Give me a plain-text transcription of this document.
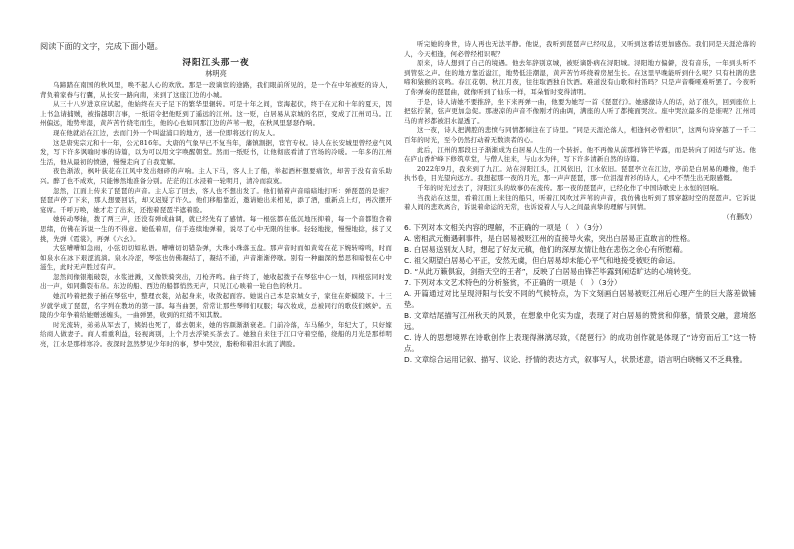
阅读下面的文字，完成下面小题。
浔阳江头那一夜
林明亮

乌蹄踏在南国的秋风里，唤不起人心的欢欣。那是一段谪宦的途路，我们眼前所见的，是一个在中年被贬的诗人，背负着家眷与行囊，从长安一路向南，来到了这座江边的小城。

从三十八岁进京应试起，他始终在天子足下的繁华里辗转。可是十年之间，宦海起伏，终于在元和十年的夏天，因上书急请捕贼，被指越职言事，一纸诏令把他贬到了遥远的江州。这一贬，白居易从京城的名臣，变成了江州司马。江州偏远，地势卑湿，黄芦苦竹绕宅而生，他的心也如同那江边的芦苇一般，在秋风里瑟瑟作响。

现在他就站在江边，去而门外一个叫湓浦口的地方，送一位即将远行的友人。

这是唐宪宗元和十一年，公元816年。大唐的气象早已不复当年，藩镇割据，宦官专权。诗人在长安城里曾经意气风发，写下许多讽喻时事的诗篇，以为可以用文字唤醒朝堂。然而一纸贬书，让他彻底看清了官场的冷暖。一年多的江州生活，他从最初的愤懑，慢慢走向了自我宽解。

夜色渐浓，枫叶荻花在江风中发出细碎的声响。主人下马，客人上了船，举起酒杯想要痛饮，却苦于没有音乐助兴。醉了也不成欢，只能惨然地准备分别。茫茫的江水浸着一轮明月，清冷而寂寞。

忽然，江面上传来了琵琶的声音。主人忘了回去，客人也不想出发了。他们循着声音暗暗地打听：弹琵琶的是谁？琵琶声停了下来，那人想要回话，却又迟疑了许久。他们移船靠近，邀请她出来相见，添了酒，重新点上灯，再次摆开宴席。千呼万唤，她才走了出来，还抱着琵琶半遮着脸。

她转动琴轴，拨了两三声，还没有弹成曲调，就已经先有了感情。每一根弦都在低沉地压抑着，每一个音都饱含着思绪，仿佛在诉说一生的不得意。她低着眉，信手连续地弹着，说尽了心中无限的往事。轻轻地拢，慢慢地捻，抹了又挑，先弹《霓裳》，再弹《六幺》。

大弦嘈嘈如急雨，小弦切切如私语。嘈嘈切切错杂弹，大珠小珠落玉盘。那声音时而如黄莺在花下婉转啼鸣，时而如泉水在冰下艰涩流淌。泉水冷涩，琴弦也仿佛凝结了，凝结不通，声音渐渐停歇。别有一种幽深的愁思和暗恨在心中滋生，此时无声胜过有声。

忽然间像银瓶破裂，水浆迸溅，又像铁骑突出，刀枪齐鸣。曲子终了，她收起拨子在琴弦中心一划，四根弦同时发出一声，如同撕裂布帛。东边的船、西边的船都悄然无声，只见江心映着一轮白色的秋月。

她沉吟着把拨子插在琴弦中，整理衣裳，站起身来，收敛起面容。她说自己本是京城女子，家住在虾蟆陵下。十三岁就学成了琵琶，名字列在教坊的第一部。每当曲罢，常常让那些琴师们叹服；每次妆成，总被同行的歌伎们嫉妒。五陵的少年争着给她赠送缠头，一曲弹罢，收到的红绡不知其数。

时光流转，弟弟从军去了，姨妈也死了，暮去朝来，她的容颜渐渐衰老。门前冷落，车马稀少，年纪大了，只好嫁给商人做妻子。商人看重利益，轻视离别，上个月去浮梁买茶去了。她独自来往于江口守着空船，绕船的月光是那样明亮，江水是那样寒冷。夜深时忽然梦见少年时的事，梦中哭泣，脂粉和着泪水流了满脸。

听完她的身世，诗人再也无法平静。他说，我听到琵琶声已经叹息，又听到这番话更加感伤。我们同是天涯沦落的人，今天相逢，何必曾经相识呢？

原来，诗人想到了自己的境遇。他去年辞别京城，被贬谪卧病在浔阳城。浔阳地方偏僻，没有音乐，一年到头听不到管弦之声。住的地方靠近湓江，地势低洼潮湿，黄芦苦竹环绕着房屋生长。在这里早晚能听到什么呢？只有杜鹃的悲啼和猿猴的哀鸣。春江花朝、秋江月夜，往往取酒独自饮酒。难道没有山歌和村笛吗？只是声音嘶哑难听罢了。今夜听了你弹奏的琵琶曲，就像听到了仙乐一样，耳朵暂时变得清明。

于是，诗人请她不要推辞，坐下来再弹一曲，他要为她写一首《琵琶行》。她感激诗人的话，站了很久，回到座位上把弦拧紧，弦声更加急促。那凄凉的声音不像刚才的曲调，满座的人听了都掩面哭泣。座中哭泣最多的是谁呢？江州司马的青衫都被泪水湿透了。

这一夜，诗人把满腔的悲愤与同情都倾注在了诗里。“同是天涯沦落人，相逢何必曾相识”，这两句诗穿越了一千二百年的时光，至今仍然打动着无数读者的心。

此后，江州的那段日子渐渐成为白居易人生的一个转折。他不再像从前那样锋芒毕露，而是转向了闲适与旷达。他在庐山香炉峰下修筑草堂，与僧人往来，与山水为伴，写下许多清新自然的诗篇。

2022年9月，我来到了九江。站在浔阳江头，江风依旧，江水依旧。琵琶亭立在江边，亭前是白居易的雕像，他手执书卷，目光望向远方。我想起那一夜的月光，那一声声琵琶，那一位泪湿青衫的诗人，心中不禁生出无限感慨。

千年的时光过去了，浔阳江头的故事仍在流传。那一夜的琵琶声，已经化作了中国诗歌史上永恒的回响。

当我站在这里，看着江面上来往的船只，听着江风吹过芦苇的声音，我仿佛也听到了那穿越时空的琵琶声。它诉说着人间的悲欢离合，诉说着命运的无常，也诉说着人与人之间最真挚的理解与同情。

（有删改）

6. 下列对本文相关内容的理解，不正确的一项是（　）（3分）

A. 密相武元衡遇刺事件，是白居易被贬江州的直接导火索，突出白居易正直敢言的性格。

B. 白居易送别友人时，想起了好友元稹，他们的深厚友情让他在悲伤之余心有所慰藉。

C. 祖父期望白居易心平正，安然无虞，但白居易却未能心平气和地接受被贬的命运。

D. “从此万籁俱寂，剑指天空的王者”，反映了白居易由锋芒毕露到闲适旷达的心境转变。

7. 下列对本文艺术特色的分析鉴赏，不正确的一项是（　）（3分）

A. 开篇通过对比呈现浔阳与长安不同的气候特点，为下文刻画白居易被贬江州后心理产生的巨大落差做铺垫。

B. 文章结尾描写江州秋天的风景，在想象中化实为虚，表现了对白居易的赞赏和仰慕，情景交融，意境悠远。

C. 诗人的思想境界在诗歌创作上表现得淋漓尽致，《琵琶行》的成功创作就是体现了“诗穷而后工”这一特点。

D. 文章综合运用记叙、描写、议论、抒情的表达方式，叙事写人，状景述意，语言明白晓畅又不乏典雅。
